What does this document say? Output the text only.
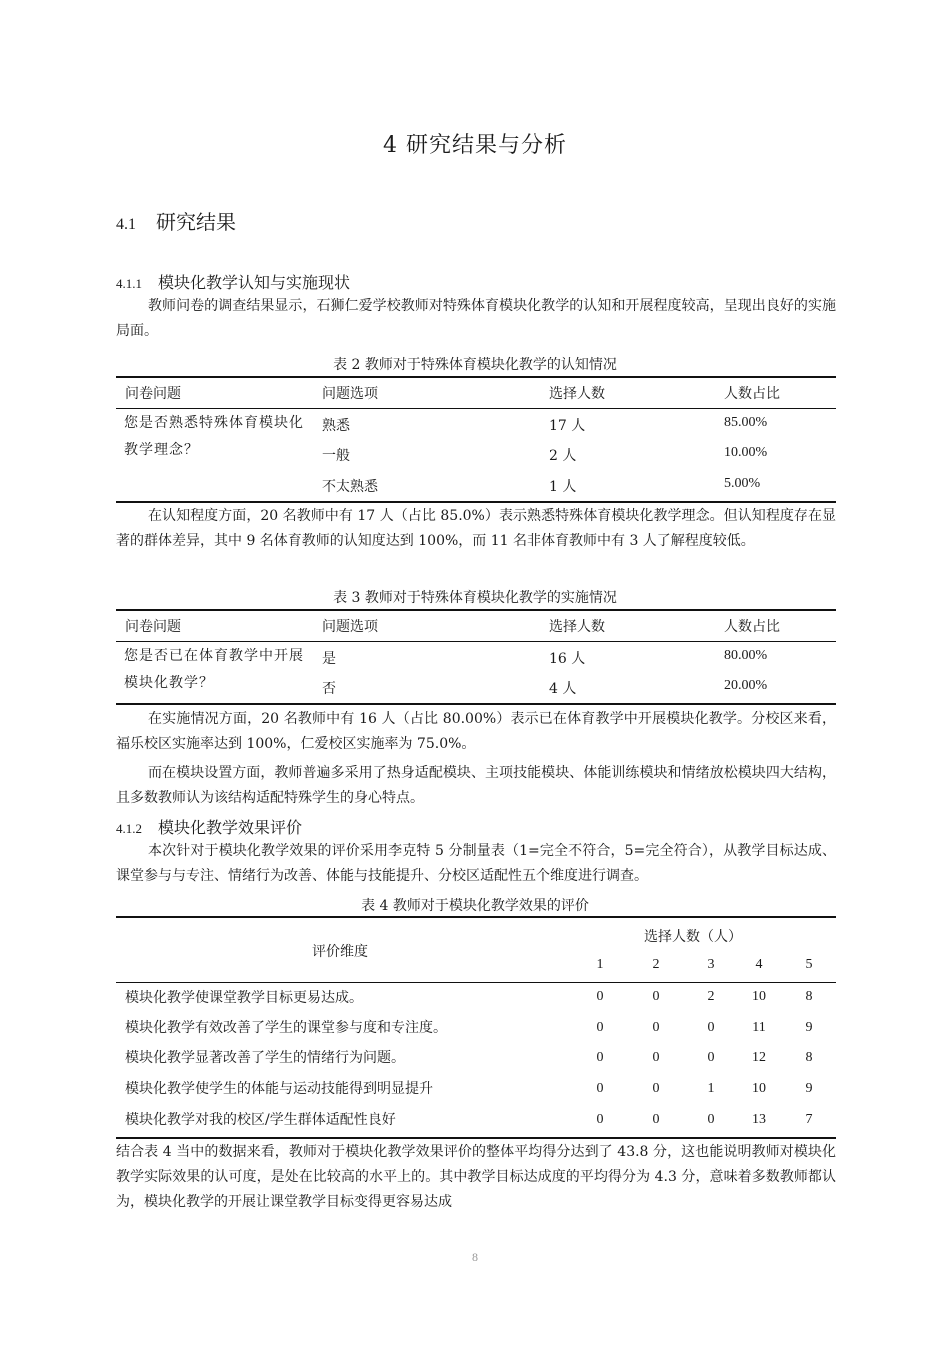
4 研究结果与分析
4.1 研究结果
4.1.1 模块化教学认知与实施现状

教师问卷的调查结果显示，石狮仁爱学校教师对特殊体育模块化教学的认知和开展程度较高，呈现出良好的实施局面。

表 2 教师对于特殊体育模块化教学的认知情况
问卷问题	问题选项	选择人数	人数占比
您是否熟悉特殊体育模块化教学理念？
熟悉	17 人	85.00%
一般	2 人	10.00%
不太熟悉	1 人	5.00%

在认知程度方面，20 名教师中有 17 人（占比 85.0%）表示熟悉特殊体育模块化教学理念。但认知程度存在显著的群体差异，其中 9 名体育教师的认知度达到 100%，而 11 名非体育教师中有 3 人了解程度较低。

表 3 教师对于特殊体育模块化教学的实施情况
问卷问题	问题选项	选择人数	人数占比
您是否已在体育教学中开展模块化教学？
是	16 人	80.00%
否	4 人	20.00%

在实施情况方面，20 名教师中有 16 人（占比 80.00%）表示已在体育教学中开展模块化教学。分校区来看，福乐校区实施率达到 100%，仁爱校区实施率为 75.0%。

而在模块设置方面，教师普遍多采用了热身适配模块、主项技能模块、体能训练模块和情绪放松模块四大结构，且多数教师认为该结构适配特殊学生的身心特点。

4.1.2 模块化教学效果评价

本次针对于模块化教学效果的评价采用李克特 5 分制量表（1=完全不符合，5=完全符合），从教学目标达成、课堂参与与专注、情绪行为改善、体能与技能提升、分校区适配性五个维度进行调查。

表 4 教师对于模块化教学效果的评价
评价维度
选择人数（人）
1	2	3	4	5
模块化教学使课堂教学目标更易达成。	0	0	2	10	8
模块化教学有效改善了学生的课堂参与度和专注度。	0	0	0	11	9
模块化教学显著改善了学生的情绪行为问题。	0	0	0	12	8
模块化教学使学生的体能与运动技能得到明显提升	0	0	1	10	9
模块化教学对我的校区/学生群体适配性良好	0	0	0	13	7

结合表 4 当中的数据来看，教师对于模块化教学效果评价的整体平均得分达到了 43.8 分，这也能说明教师对模块化教学实际效果的认可度，是处在比较高的水平上的。其中教学目标达成度的平均得分为 4.3 分，意味着多数教师都认为，模块化教学的开展让课堂教学目标变得更容易达成

8
